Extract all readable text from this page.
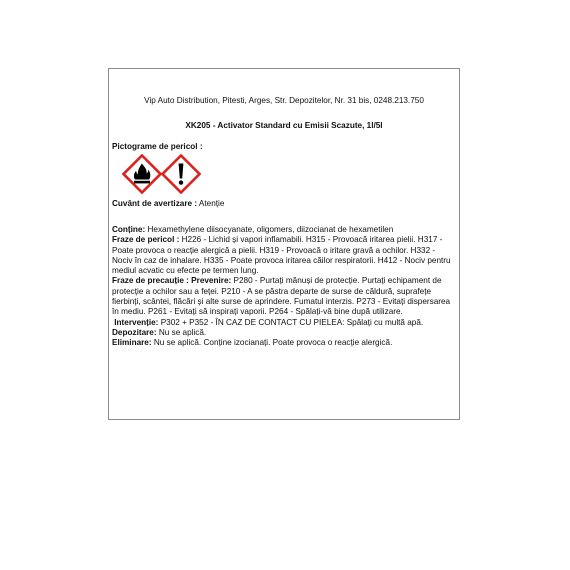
Vip Auto Distribution, Pitesti, Arges, Str. Depozitelor, Nr. 31 bis, 0248.213.750
XK205 - Activator Standard cu Emisii Scazute, 1l/5l
Pictograme de pericol :
Cuvânt de avertizare : Atenție

Conține: Hexamethylene diisocyanate, oligomers, diizocianat de hexametilen

Fraze de pericol : H226 - Lichid și vapori inflamabili. H315 - Provoacă iritarea pielii. H317 - Poate provoca o reacție alergică a pielii. H319 - Provoacă o iritare gravă a ochilor. H332 - Nociv în caz de inhalare. H335 - Poate provoca iritarea căilor respiratorii. H412 - Nociv pentru mediul acvatic cu efecte pe termen lung.

Fraze de precauție : Prevenire: P280 - Purtați mănuși de protecție. Purtați echipament de protecție a ochilor sau a feței. P210 - A se păstra departe de surse de căldură, suprafețe fierbinți, scântei, flăcări și alte surse de aprindere. Fumatul interzis. P273 - Evitați dispersarea în mediu. P261 - Evitați să inspirați vaporii. P264 - Spălați-vă bine după utilizare.

Intervenție: P302 + P352 - ÎN CAZ DE CONTACT CU PIELEA: Spălați cu multă apă.

Depozitare: Nu se aplică.

Eliminare: Nu se aplică. Conține izocianați. Poate provoca o reacție alergică.
